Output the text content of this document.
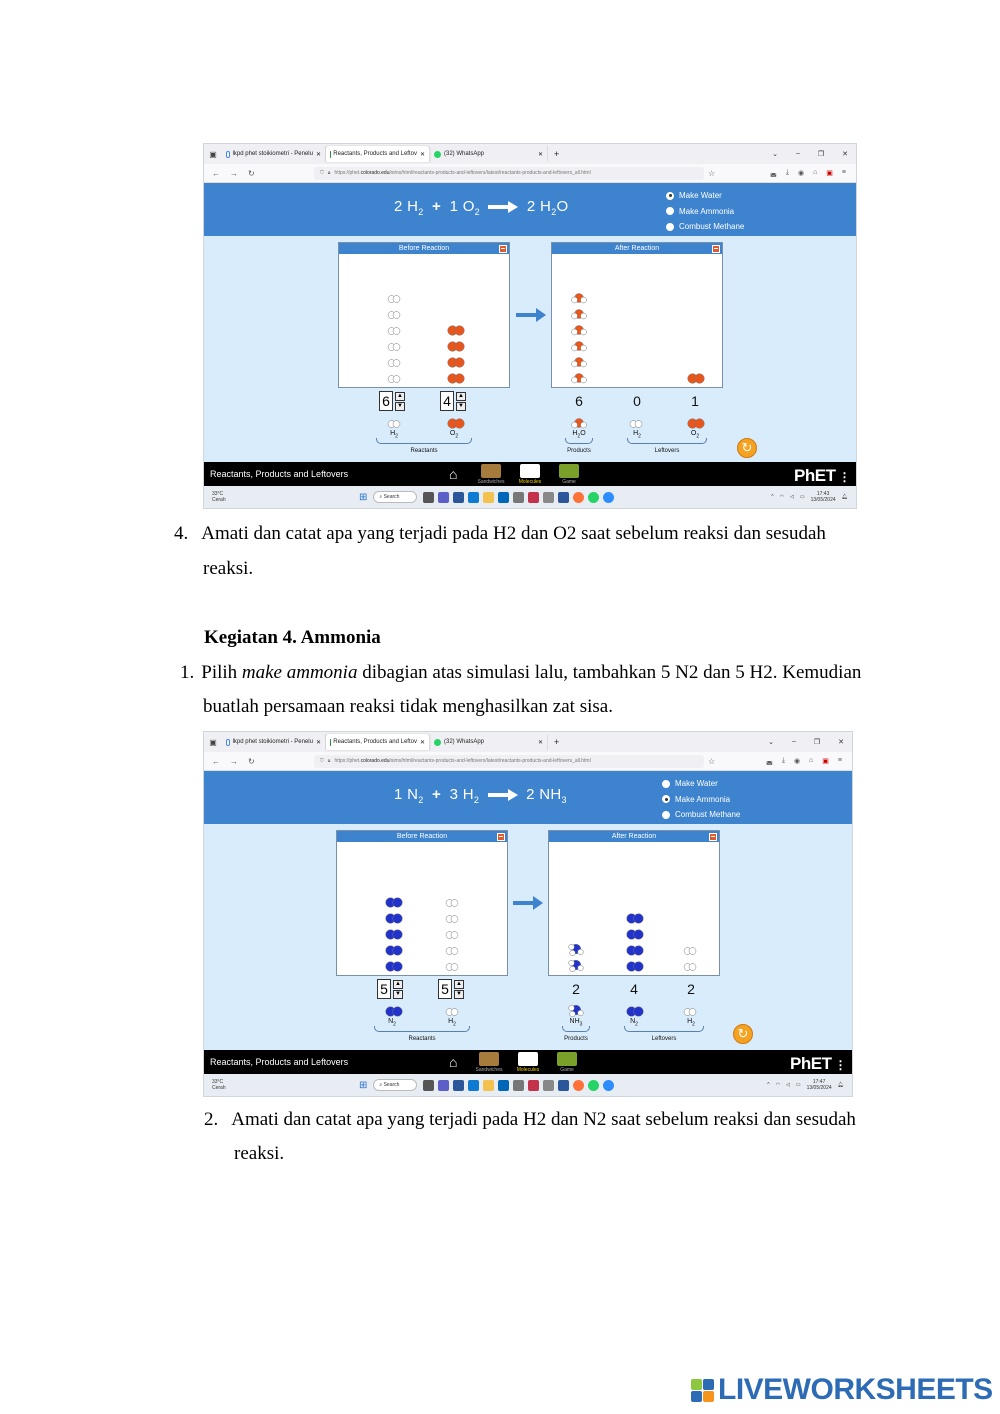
▣	lkpd phet stoikiometri - Penelu ✕ Reactants, Products and Leftov ✕	(32) WhatsApp	✕ +	⌄	–	❐	✕
← → ↻	⛉ 🔒︎ https://phet. colorado.edu /sims/html/reactants-products-and-leftovers/latest/reactants-products-and-leftovers_all.html	☆	◛ ⤓ ◉ ⌂ ▣ ≡
2 $H_2 + 1$ $O_2 \to 2$ $H_2O$
Make Water
Make Ammonia
Combust Methane
Before Reaction	After Reaction
6	▲
▼	4	▲
▼	6	0	1
$H_2$	$O_2$	$H_2O$	$H_2$	$O_2$
Reactants	Products	Leftovers	↻
Reactants, Products and Leftovers	⌂	Sandwiches	Molecules	Game	PhET ⋮
33°C
Cerah	⊞	⌕ Search	^ ◠ ◁ ▭	17:43
13/05/2024 🔔︎
4. Amati dan catat apa yang terjadi pada H2 dan O2 saat sebelum reaksi dan sesudah
reaksi.
Kegiatan 4. Ammonia
1. Pilih make ammonia dibagian atas simulasi lalu, tambahkan 5 N2 dan 5 H2. Kemudian
buatlah persamaan reaksi tidak menghasilkan zat sisa.
▣	lkpd phet stoikiometri - Penelu ✕ Reactants, Products and Leftov ✕	(32) WhatsApp	✕ +	⌄	–	❐	✕
← → ↻	⛉ 🔒︎ https://phet. colorado.edu /sims/html/reactants-products-and-leftovers/latest/reactants-products-and-leftovers_all.html	☆	◛ ⤓ ◉ ⌂ ▣ ≡
1 $N_2 + 3$ $H_2 \to 2$ $NH_3$
Make Water
Make Ammonia
Combust Methane
Before Reaction	After Reaction
5	▲
▼	5	▲
▼	2	4	2
$N_2$	$H_2$	$NH_3$	$N_2$	$H_2$
Reactants	Products	Leftovers	↻
Reactants, Products and Leftovers	⌂	Sandwiches	Molecules	Game	PhET ⋮
33°C
Cerah	⊞	⌕ Search	^ ◠ ◁ ▭	17:47
13/05/2024 🔔︎
2. Amati dan catat apa yang terjadi pada H2 dan N2 saat sebelum reaksi dan sesudah
reaksi.
LIVEWORKSHEETS
